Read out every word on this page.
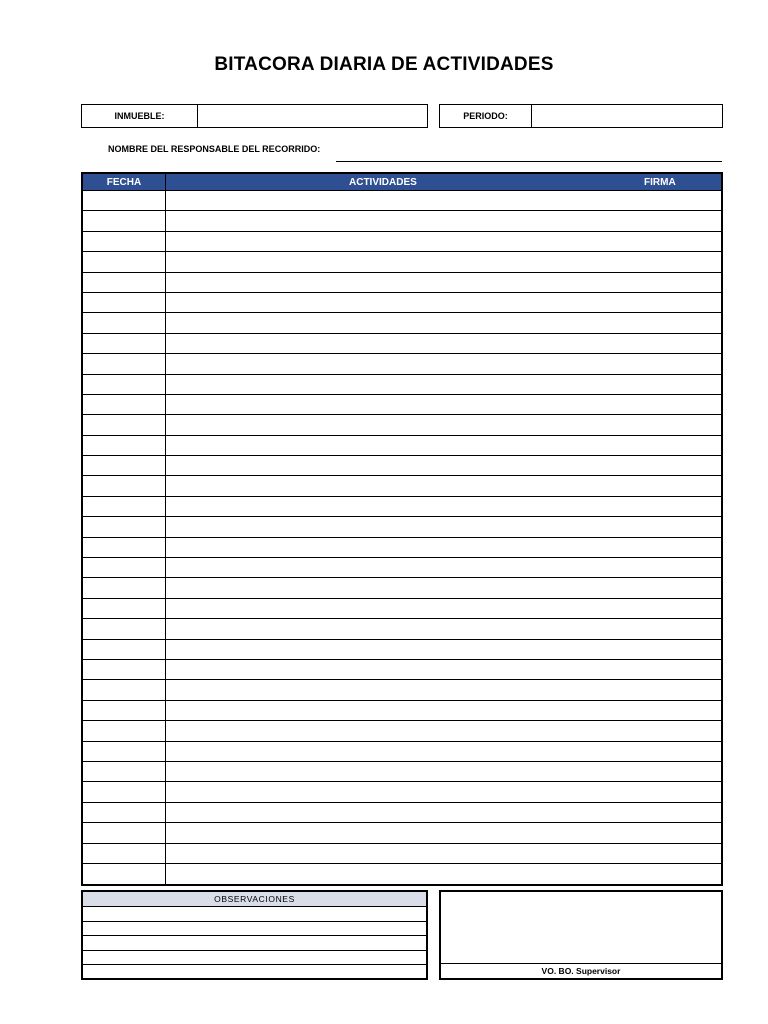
BITACORA DIARIA DE ACTIVIDADES
INMUEBLE:	PERIODO:
NOMBRE DEL RESPONSABLE DEL RECORRIDO:
FECHA	ACTIVIDADES	FIRMA
OBSERVACIONES
VO. BO. Supervisor
